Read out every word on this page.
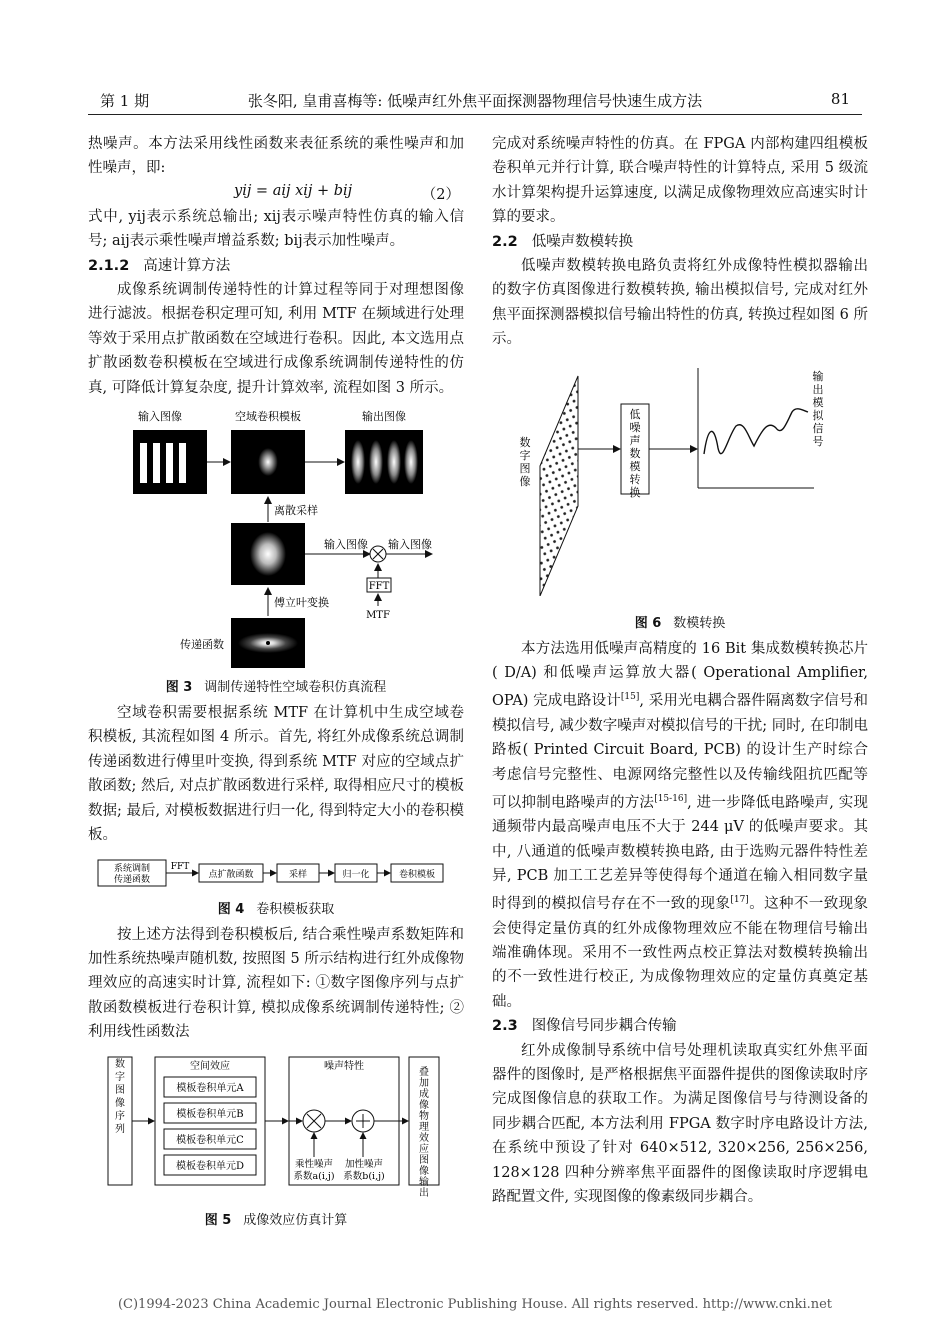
第 1 期	张冬阳, 皇甫喜梅等: 低噪声红外焦平面探测器物理信号快速生成方法	81

热噪声。本方法采用线性函数来表征系统的乘性噪声和加性噪声，即:

yij = aij xij + bij	（2）

式中, yij表示系统总输出; xij表示噪声特性仿真的输入信号; aij表示乘性噪声增益系数; bij表示加性噪声。

2.1.2 高速计算方法

成像系统调制传递特性的计算过程等同于对理想图像进行滤波。根据卷积定理可知, 利用 MTF 在频域进行处理等效于采用点扩散函数在空域进行卷积。因此, 本文选用点扩散函数卷积模板在空域进行成像系统调制传递特性的仿真, 可降低计算复杂度, 提升计算效率, 流程如图 3 所示。

输入图像	空域卷积模板	输出图像
离散采样
输入图像 输入图像
FFT
MTF
傅立叶变换
传递函数
图 3 调制传递特性空域卷积仿真流程

空域卷积需要根据系统 MTF 在计算机中生成空域卷积模板, 其流程如图 4 所示。首先, 将红外成像系统总调制传递函数进行傅里叶变换, 得到系统 MTF 对应的空域点扩散函数; 然后, 对点扩散函数进行采样, 取得相应尺寸的模板数据; 最后, 对模板数据进行归一化, 得到特定大小的卷积模板。

系统调制
传递函数
FFT
点扩散函数	采样	归一化	卷积模板
图 4 卷积模板获取

按上述方法得到卷积模板后, 结合乘性噪声系数矩阵和加性系统热噪声随机数, 按照图 5 所示结构进行红外成像物理效应的高速实时计算, 流程如下: ①数字图像序列与点扩散函数模板进行卷积计算, 模拟成像系统调制传递特性; ②利用线性函数法

数字图像序列
空间效应
模板卷积单元A
模板卷积单元B
模板卷积单元C
模板卷积单元D
噪声特性
乘性噪声
系数a(i,j)
加性噪声
系数b(i,j)
叠加成像物理效应图像输出
图 5 成像效应仿真计算

完成对系统噪声特性的仿真。在 FPGA 内部构建四组模板卷积单元并行计算, 联合噪声特性的计算特点, 采用 5 级流水计算架构提升运算速度, 以满足成像物理效应高速实时计算的要求。

2.2 低噪声数模转换

低噪声数模转换电路负责将红外成像特性模拟器输出的数字仿真图像进行数模转换, 输出模拟信号, 完成对红外焦平面探测器模拟信号输出特性的仿真, 转换过程如图 6 所示。

数字图像
低噪声数模转换
输出模拟信号
图 6 数模转换

本方法选用低噪声高精度的 16 Bit 集成数模转换芯片( D/A) 和低噪声运算放大器( Operational Amplifier, OPA) 完成电路设计[15], 采用光电耦合器件隔离数字信号和模拟信号, 减少数字噪声对模拟信号的干扰; 同时, 在印制电路板( Printed Circuit Board, PCB) 的设计生产时综合考虑信号完整性、电源网络完整性以及传输线阻抗匹配等可以抑制电路噪声的方法[15-16], 进一步降低电路噪声, 实现通频带内最高噪声电压不大于 244 μV 的低噪声要求。其中, 八通道的低噪声数模转换电路, 由于选购元器件特性差异, PCB 加工工艺差异等使得每个通道在输入相同数字量时得到的模拟信号存在不一致的现象[17]。这种不一致现象会使得定量仿真的红外成像物理效应不能在物理信号输出端准确体现。采用不一致性两点校正算法对数模转换输出的不一致性进行校正, 为成像物理效应的定量仿真奠定基础。

2.3 图像信号同步耦合传输

红外成像制导系统中信号处理机读取真实红外焦平面器件的图像时, 是严格根据焦平面器件提供的图像读取时序完成图像信息的获取工作。为满足图像信号与待测设备的同步耦合匹配, 本方法利用 FPGA 数字时序电路设计方法, 在系统中预设了针对 640×512, 320×256, 256×256, 128×128 四种分辨率焦平面器件的图像读取时序逻辑电路配置文件, 实现图像的像素级同步耦合。

(C)1994-2023 China Academic Journal Electronic Publishing House. All rights reserved. http://www.cnki.net
